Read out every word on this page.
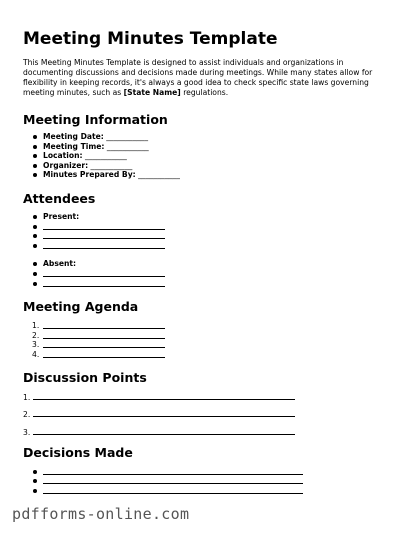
Meeting Minutes Template

This Meeting Minutes Template is designed to assist individuals and organizations in documenting discussions and decisions made during meetings. While many states allow for flexibility in keeping records, it's always a good idea to check specific state laws governing meeting minutes, such as [State Name] regulations.

Meeting Information
Meeting Date: ___________
Meeting Time: ___________
Location: ___________
Organizer: ___________
Minutes Prepared By: ___________
Attendees
Present:
Absent:
Meeting Agenda
1.
2.
3.
4.
Discussion Points
1.
2.
3.
Decisions Made
pdfforms-online.com
